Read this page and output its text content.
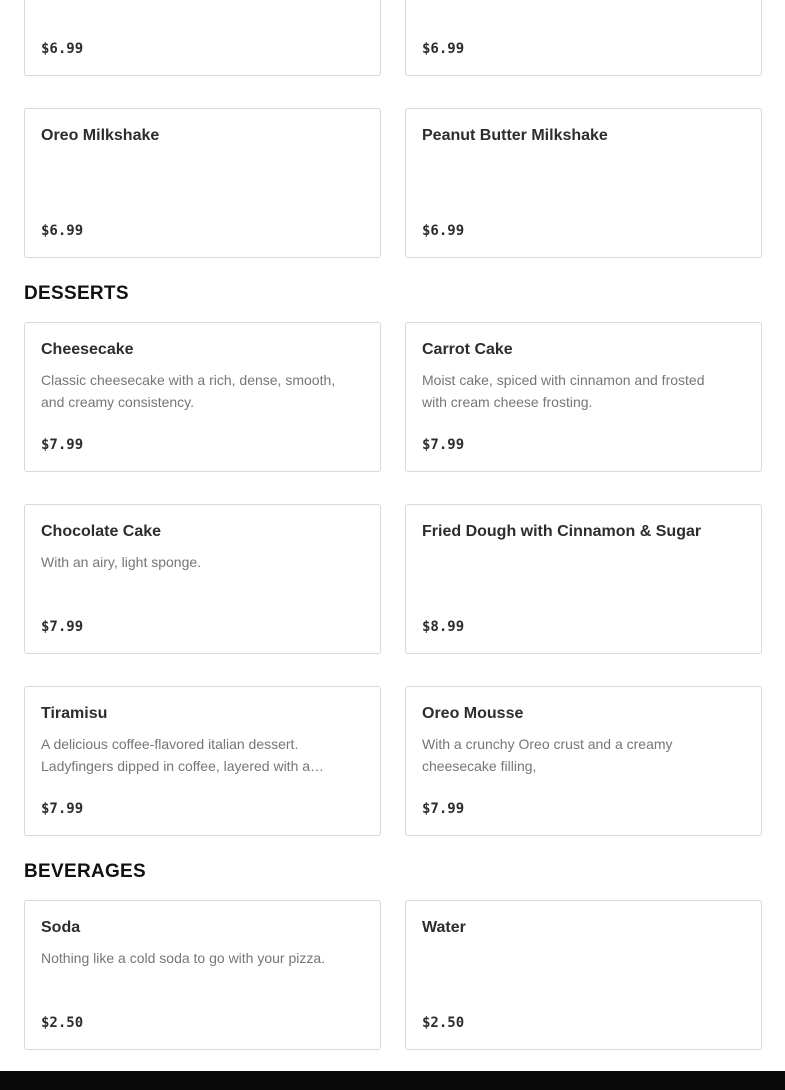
$6.99	$6.99
Oreo Milkshake
$6.99
Peanut Butter Milkshake
$6.99
DESSERTS
Cheesecake
Classic cheesecake with a rich, dense, smooth, and creamy consistency.
$7.99
Carrot Cake
Moist cake, spiced with cinnamon and frosted with cream cheese frosting.
$7.99
Chocolate Cake
With an airy, light sponge.
$7.99
Fried Dough with Cinnamon & Sugar
$8.99
Tiramisu
A delicious coffee-flavored italian dessert. Ladyfingers dipped in coffee, layered with a…
$7.99
Oreo Mousse
With a crunchy Oreo crust and a creamy cheesecake filling,
$7.99
BEVERAGES
Soda
Nothing like a cold soda to go with your pizza.
$2.50
Water
$2.50
